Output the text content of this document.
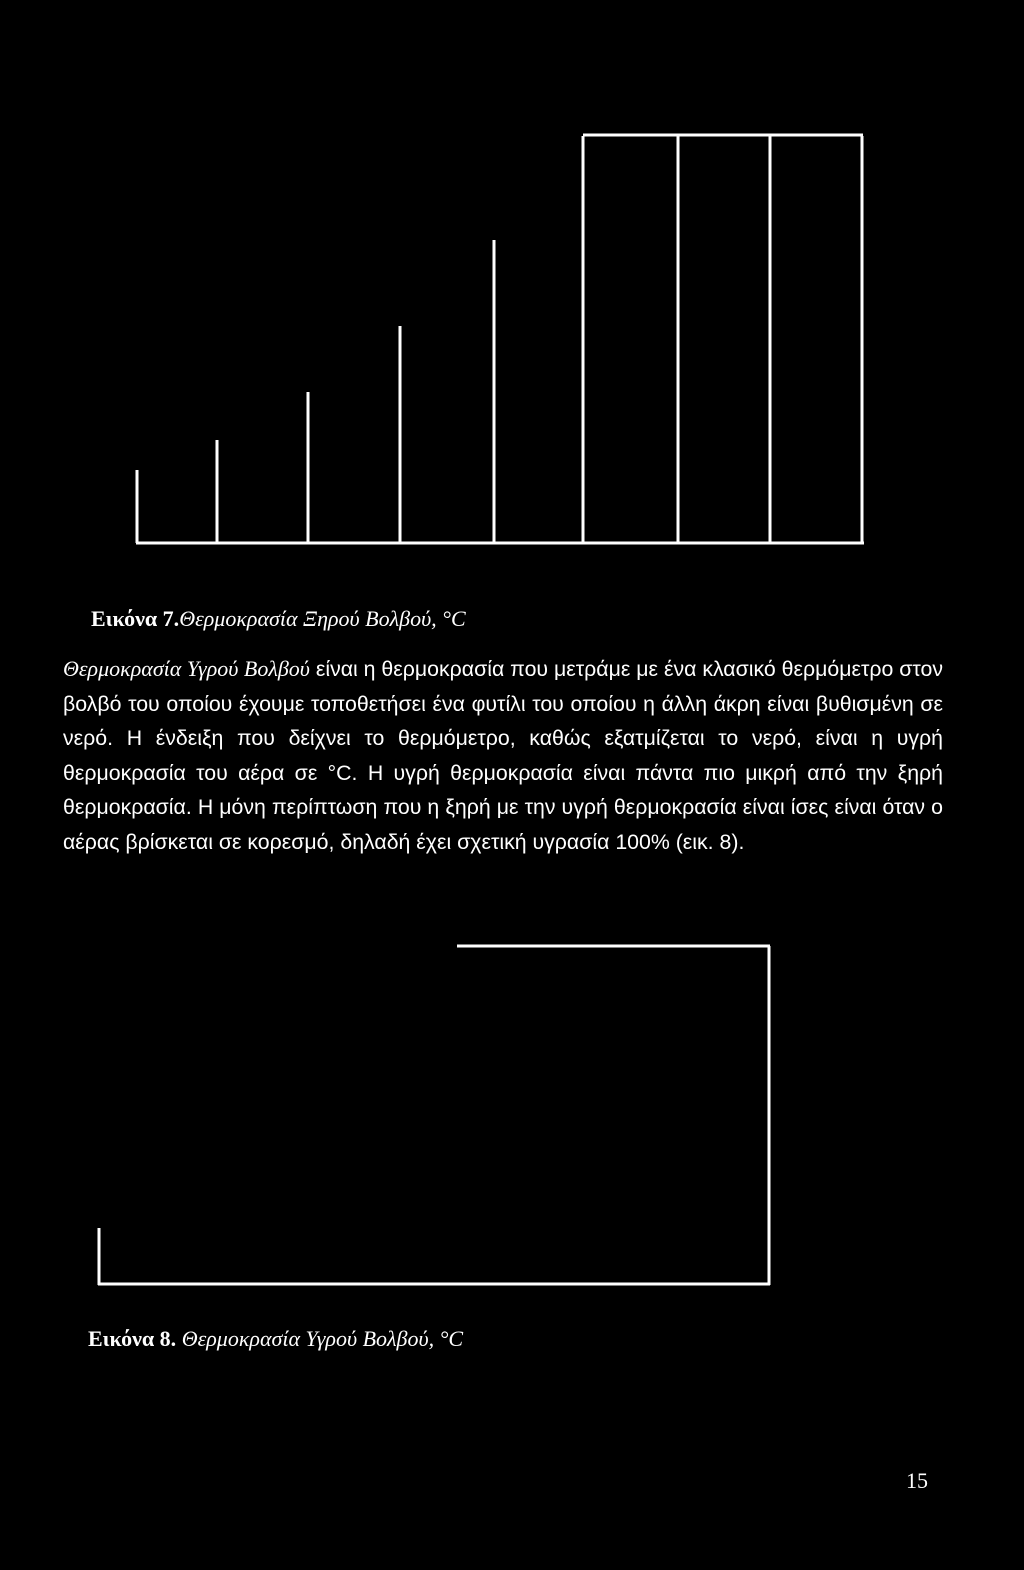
Εικόνα 7.Θερμοκρασία Ξηρού Βολβού, °C
Θερμοκρασία Υγρού Βολβού είναι η θερμοκρασία που μετράμε με ένα κλασικό θερμόμετρο στον βολβό του οποίου έχουμε τοποθετήσει ένα φυτίλι του οποίου η άλλη άκρη είναι βυθισμένη σε νερό. Η ένδειξη που δείχνει το θερμόμετρο, καθώς εξατμίζεται το νερό, είναι η υγρή θερμοκρασία του αέρα σε °C. Η υγρή θερμοκρασία είναι πάντα πιο μικρή από την ξηρή θερμοκρασία. Η μόνη περίπτωση που η ξηρή με την υγρή θερμοκρασία είναι ίσες είναι όταν ο αέρας βρίσκεται σε κορεσμό, δηλαδή έχει σχετική υγρασία 100% (εικ. 8).
Εικόνα 8. Θερμοκρασία Υγρού Βολβού, °C
15
